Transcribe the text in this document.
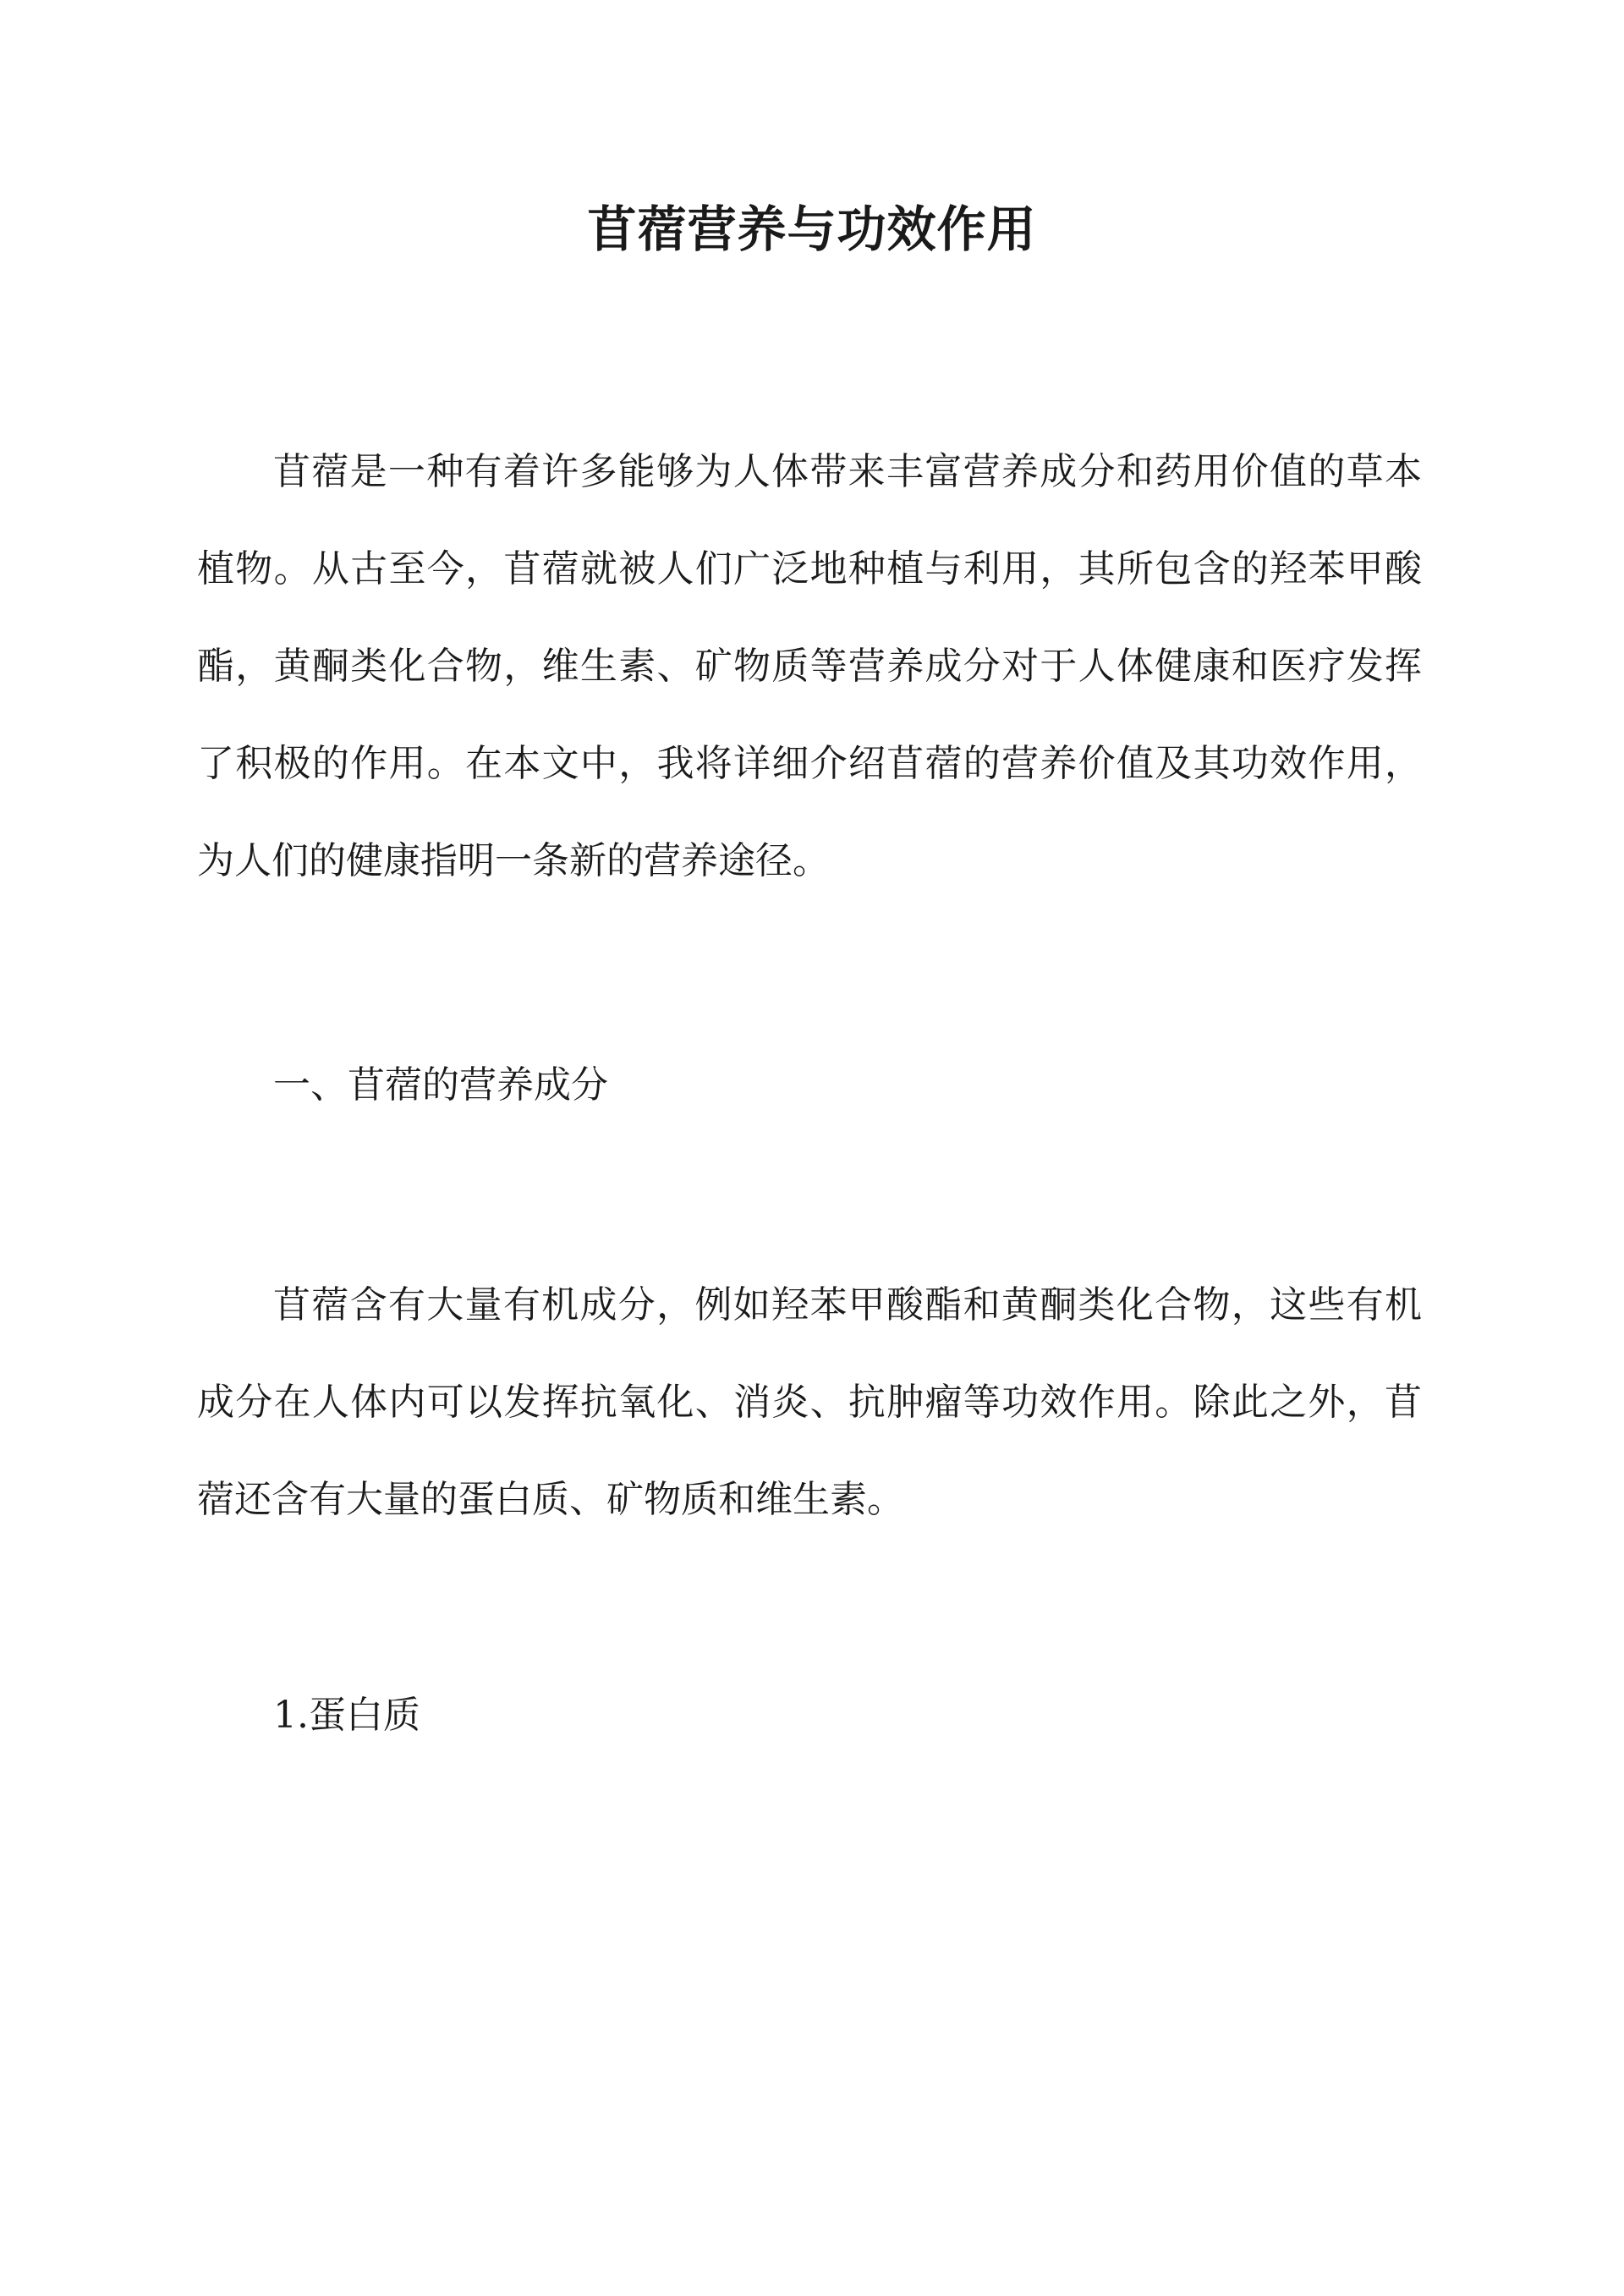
苜蓿营养与功效作用

苜蓿是一种有着许多能够为人体带来丰富营养成分和药用价值的草本植物。从古至今，苜蓿就被人们广泛地种植与利用，其所包含的羟苯甲酸酯，黄酮类化合物，维生素、矿物质等营养成分对于人体健康和医疗发挥了积极的作用。在本文中，我将详细介绍苜蓿的营养价值及其功效作用，为人们的健康指明一条新的营养途径。

一、苜蓿的营养成分

苜蓿含有大量有机成分，例如羟苯甲酸酯和黄酮类化合物，这些有机成分在人体内可以发挥抗氧化、消炎、抗肿瘤等功效作用。除此之外，苜蓿还含有大量的蛋白质、矿物质和维生素。

1.蛋白质
